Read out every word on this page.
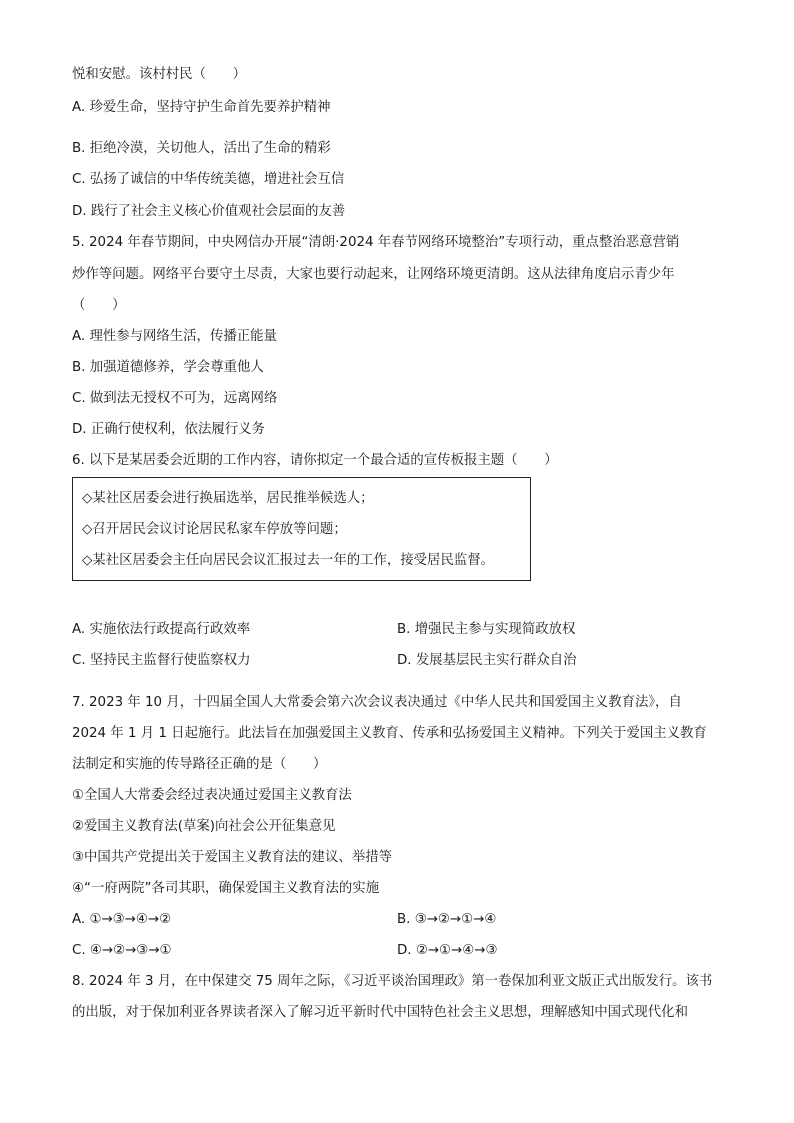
悦和安慰。该村村民（　　）
A. 珍爱生命，坚持守护生命首先要养护精神
B. 拒绝冷漠，关切他人，活出了生命的精彩
C. 弘扬了诚信的中华传统美德，增进社会互信
D. 践行了社会主义核心价值观社会层面的友善
5. 2024 年春节期间，中央网信办开展“清朗·2024 年春节网络环境整治”专项行动，重点整治恶意营销
炒作等问题。网络平台要守土尽责，大家也要行动起来，让网络环境更清朗。这从法律角度启示青少年
（　　）
A. 理性参与网络生活，传播正能量
B. 加强道德修养，学会尊重他人
C. 做到法无授权不可为，远离网络
D. 正确行使权利，依法履行义务
6. 以下是某居委会近期的工作内容，请你拟定一个最合适的宣传板报主题（　　）
◇某社区居委会进行换届选举，居民推举候选人；
◇召开居民会议讨论居民私家车停放等问题；
◇某社区居委会主任向居民会议汇报过去一年的工作，接受居民监督。
A. 实施依法行政提高行政效率	B. 增强民主参与实现简政放权
C. 坚持民主监督行使监察权力	D. 发展基层民主实行群众自治
7. 2023 年 10 月，十四届全国人大常委会第六次会议表决通过《中华人民共和国爱国主义教育法》，自
2024 年 1 月 1 日起施行。此法旨在加强爱国主义教育、传承和弘扬爱国主义精神。下列关于爱国主义教育
法制定和实施的传导路径正确的是（　　）
①全国人大常委会经过表决通过爱国主义教育法
②爱国主义教育法(草案)向社会公开征集意见
③中国共产党提出关于爱国主义教育法的建议、举措等
④“一府两院”各司其职，确保爱国主义教育法的实施
A. ①→③→④→②	B. ③→②→①→④
C. ④→②→③→①	D. ②→①→④→③
8. 2024 年 3 月，在中保建交 75 周年之际，《习近平谈治国理政》第一卷保加利亚文版正式出版发行。该书
的出版，对于保加利亚各界读者深入了解习近平新时代中国特色社会主义思想，理解感知中国式现代化和
